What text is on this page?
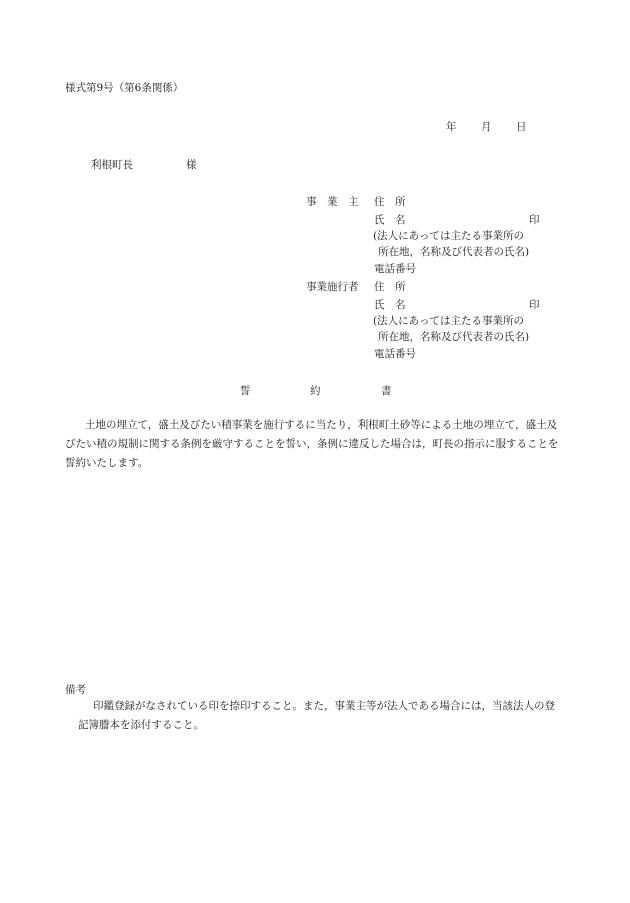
様式第9号（第6条関係）
年 月 日
利根町長	様
事　業　主 住　所
氏　名	印
(法人にあっては主たる事業所の
所在地，名称及び代表者の氏名)
電話番号
事業施行者 住　所
氏　名	印
(法人にあっては主たる事業所の
所在地，名称及び代表者の氏名)
電話番号
誓	約	書
土地の埋立て，盛土及びたい積事業を施行するに当たり，利根町土砂等による土地の埋立て，盛土及びたい積の規制に関する条例を厳守することを誓い，条例に違反した場合は，町長の指示に服することを誓約いたします。
備考
印鑑登録がなされている印を捺印すること。また，事業主等が法人である場合には，当該法人の登記簿謄本を添付すること。
